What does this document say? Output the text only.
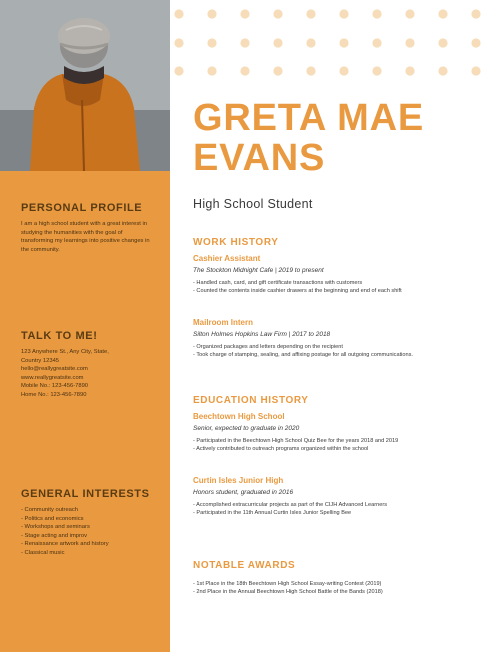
PERSONAL PROFILE

I am a high school student with a great interest in studying the humanities with the goal of transforming my learnings into positive changes in the community.

TALK TO ME!

123 Anywhere St., Any City, State,

Country 12345

hello@reallygreatsite.com

www.reallygreatsite.com

Mobile No.: 123-456-7890

Home No.: 123-456-7890

GENERAL INTERESTS
- Community outreach
- Politics and economics
- Workshops and seminars
- Stage acting and improv
- Renaissance artwork and history
- Classical music
GRETA MAE
EVANS
High School Student
WORK HISTORY
Cashier Assistant
The Stockton Midnight Cafe | 2019 to present
- Handled cash, card, and gift certificate transactions with customers
- Counted the contents inside cashier drawers at the beginning and end of each shift
Mailroom Intern
Silton Holmes Hopkins Law Firm | 2017 to 2018
- Organized packages and letters depending on the recipient
- Took charge of stamping, sealing, and affixing postage for all outgoing communications.
EDUCATION HISTORY
Beechtown High School
Senior, expected to graduate in 2020
- Participated in the Beechtown High School Quiz Bee for the years 2018 and 2019
- Actively contributed to outreach programs organized within the school
Curtin Isles Junior High
Honors student, graduated in 2016
- Accomplished extracurricular projects as part of the CIJH Advanced Learners
- Participated in the 11th Annual Curtin Isles Junior Spelling Bee
NOTABLE AWARDS
- 1st Place in the 18th Beechtown High School Essay-writing Contest (2019)
- 2nd Place in the Annual Beechtown High School Battle of the Bands (2018)
